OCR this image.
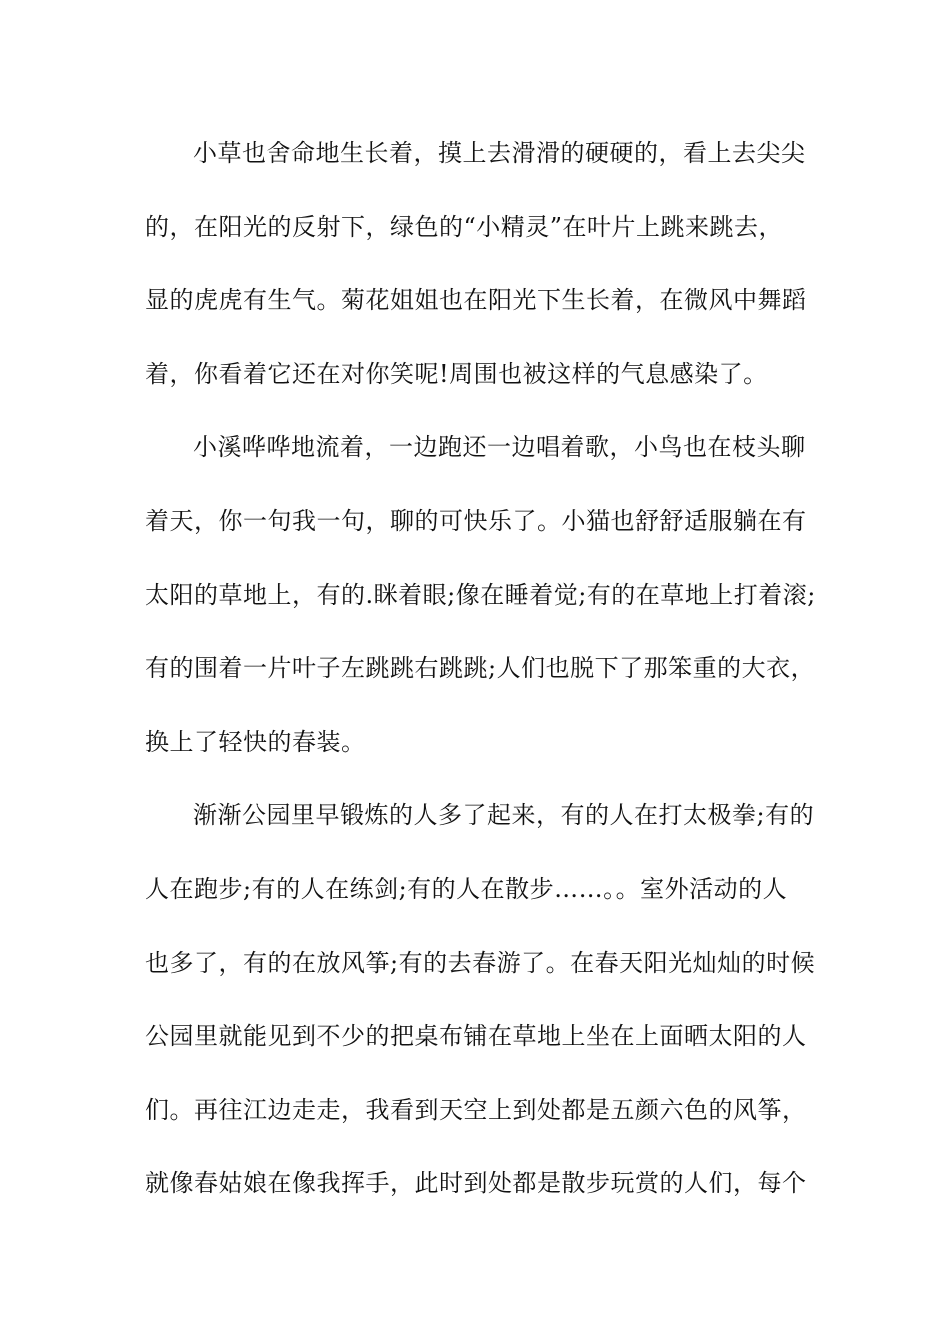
小草也舍命地生长着，摸上去滑滑的硬硬的，看上去尖尖
的，在阳光的反射下，绿色的“小精灵”在叶片上跳来跳去，
显的虎虎有生气。菊花姐姐也在阳光下生长着，在微风中舞蹈
着，你看着它还在对你笑呢!周围也被这样的气息感染了。
小溪哗哗地流着，一边跑还一边唱着歌，小鸟也在枝头聊
着天，你一句我一句，聊的可快乐了。小猫也舒舒适服躺在有
太阳的草地上，有的.眯着眼;像在睡着觉;有的在草地上打着滚;
有的围着一片叶子左跳跳右跳跳;人们也脱下了那笨重的大衣，
换上了轻快的春装。
渐渐公园里早锻炼的人多了起来，有的人在打太极拳;有的
人在跑步;有的人在练剑;有的人在散步……。。室外活动的人
也多了，有的在放风筝;有的去春游了。在春天阳光灿灿的时候
公园里就能见到不少的把桌布铺在草地上坐在上面晒太阳的人
们。再往江边走走，我看到天空上到处都是五颜六色的风筝，
就像春姑娘在像我挥手，此时到处都是散步玩赏的人们，每个
